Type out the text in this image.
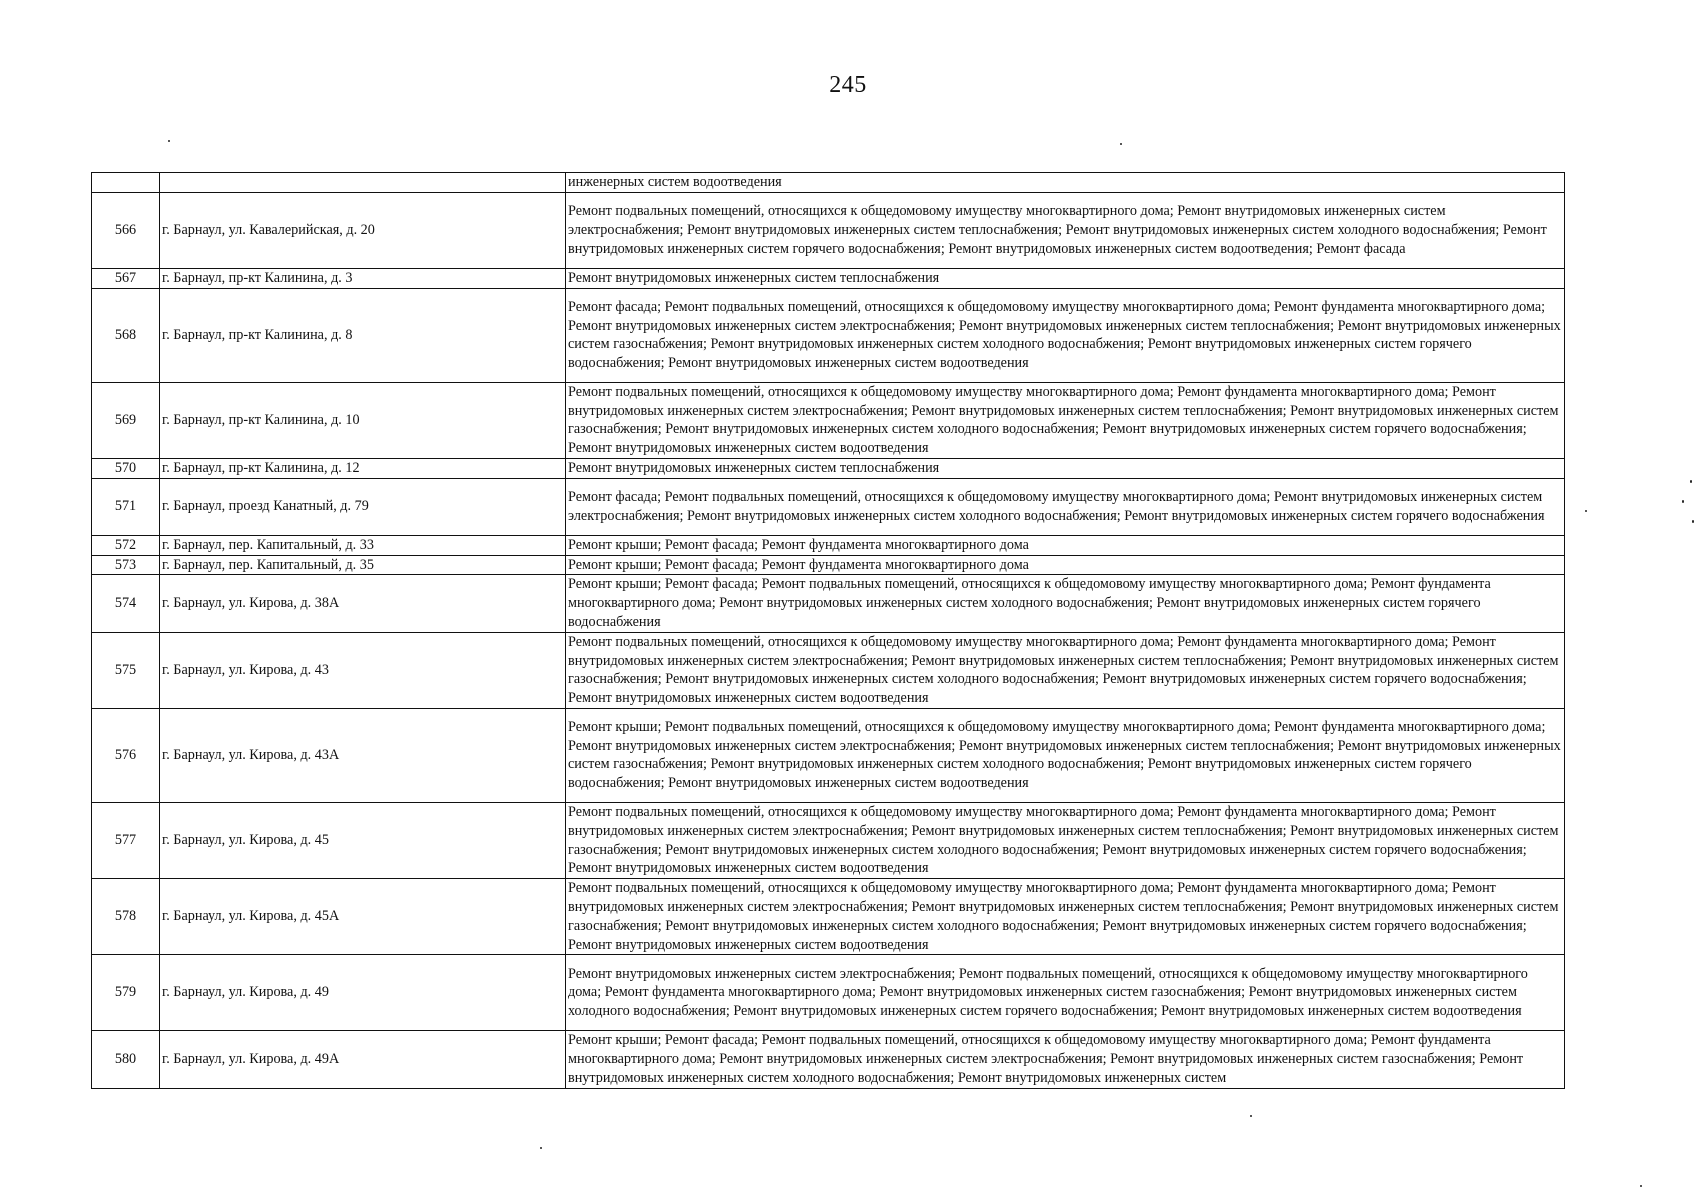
245

		инженерных систем водоотведения

566	г. Барнаул, ул. Кавалерийская, д. 20	Ремонт подвальных помещений, относящихся к общедомовому имуществу многоквартирного дома; Ремонт внутридомовых инженерных систем электроснабжения; Ремонт внутридомовых инженерных систем теплоснабжения; Ремонт внутридомовых инженерных систем холодного водоснабжения; Ремонт внутридомовых инженерных систем горячего водоснабжения; Ремонт внутридомовых инженерных систем водоотведения; Ремонт фасада

567	г. Барнаул, пр-кт Калинина, д. 3	Ремонт внутридомовых инженерных систем теплоснабжения

568	г. Барнаул, пр-кт Калинина, д. 8	Ремонт фасада; Ремонт подвальных помещений, относящихся к общедомовому имуществу многоквартирного дома; Ремонт фундамента многоквартирного дома; Ремонт внутридомовых инженерных систем электроснабжения; Ремонт внутридомовых инженерных систем теплоснабжения; Ремонт внутридомовых инженерных систем газоснабжения; Ремонт внутридомовых инженерных систем холодного водоснабжения; Ремонт внутридомовых инженерных систем горячего водоснабжения; Ремонт внутридомовых инженерных систем водоотведения

569	г. Барнаул, пр-кт Калинина, д. 10	Ремонт подвальных помещений, относящихся к общедомовому имуществу многоквартирного дома; Ремонт фундамента многоквартирного дома; Ремонт внутридомовых инженерных систем электроснабжения; Ремонт внутридомовых инженерных систем теплоснабжения; Ремонт внутридомовых инженерных систем газоснабжения; Ремонт внутридомовых инженерных систем холодного водоснабжения; Ремонт внутридомовых инженерных систем горячего водоснабжения; Ремонт внутридомовых инженерных систем водоотведения

570	г. Барнаул, пр-кт Калинина, д. 12	Ремонт внутридомовых инженерных систем теплоснабжения

571	г. Барнаул, проезд Канатный, д. 79	Ремонт фасада; Ремонт подвальных помещений, относящихся к общедомовому имуществу многоквартирного дома; Ремонт внутридомовых инженерных систем электроснабжения; Ремонт внутридомовых инженерных систем холодного водоснабжения; Ремонт внутридомовых инженерных систем горячего водоснабжения

572	г. Барнаул, пер. Капитальный, д. 33	Ремонт крыши; Ремонт фасада; Ремонт фундамента многоквартирного дома

573	г. Барнаул, пер. Капитальный, д. 35	Ремонт крыши; Ремонт фасада; Ремонт фундамента многоквартирного дома

574	г. Барнаул, ул. Кирова, д. 38А	Ремонт крыши; Ремонт фасада; Ремонт подвальных помещений, относящихся к общедомовому имуществу многоквартирного дома; Ремонт фундамента многоквартирного дома; Ремонт внутридомовых инженерных систем холодного водоснабжения; Ремонт внутридомовых инженерных систем горячего водоснабжения

575	г. Барнаул, ул. Кирова, д. 43	Ремонт подвальных помещений, относящихся к общедомовому имуществу многоквартирного дома; Ремонт фундамента многоквартирного дома; Ремонт внутридомовых инженерных систем электроснабжения; Ремонт внутридомовых инженерных систем теплоснабжения; Ремонт внутридомовых инженерных систем газоснабжения; Ремонт внутридомовых инженерных систем холодного водоснабжения; Ремонт внутридомовых инженерных систем горячего водоснабжения; Ремонт внутридомовых инженерных систем водоотведения

576	г. Барнаул, ул. Кирова, д. 43А	Ремонт крыши; Ремонт подвальных помещений, относящихся к общедомовому имуществу многоквартирного дома; Ремонт фундамента многоквартирного дома; Ремонт внутридомовых инженерных систем электроснабжения; Ремонт внутридомовых инженерных систем теплоснабжения; Ремонт внутридомовых инженерных систем газоснабжения; Ремонт внутридомовых инженерных систем холодного водоснабжения; Ремонт внутридомовых инженерных систем горячего водоснабжения; Ремонт внутридомовых инженерных систем водоотведения

577	г. Барнаул, ул. Кирова, д. 45	Ремонт подвальных помещений, относящихся к общедомовому имуществу многоквартирного дома; Ремонт фундамента многоквартирного дома; Ремонт внутридомовых инженерных систем электроснабжения; Ремонт внутридомовых инженерных систем теплоснабжения; Ремонт внутридомовых инженерных систем газоснабжения; Ремонт внутридомовых инженерных систем холодного водоснабжения; Ремонт внутридомовых инженерных систем горячего водоснабжения; Ремонт внутридомовых инженерных систем водоотведения

578	г. Барнаул, ул. Кирова, д. 45А	Ремонт подвальных помещений, относящихся к общедомовому имуществу многоквартирного дома; Ремонт фундамента многоквартирного дома; Ремонт внутридомовых инженерных систем электроснабжения; Ремонт внутридомовых инженерных систем теплоснабжения; Ремонт внутридомовых инженерных систем газоснабжения; Ремонт внутридомовых инженерных систем холодного водоснабжения; Ремонт внутридомовых инженерных систем горячего водоснабжения; Ремонт внутридомовых инженерных систем водоотведения

579	г. Барнаул, ул. Кирова, д. 49	Ремонт внутридомовых инженерных систем электроснабжения; Ремонт подвальных помещений, относящихся к общедомовому имуществу многоквартирного дома; Ремонт фундамента многоквартирного дома; Ремонт внутридомовых инженерных систем газоснабжения; Ремонт внутридомовых инженерных систем холодного водоснабжения; Ремонт внутридомовых инженерных систем горячего водоснабжения; Ремонт внутридомовых инженерных систем водоотведения

580	г. Барнаул, ул. Кирова, д. 49А	Ремонт крыши; Ремонт фасада; Ремонт подвальных помещений, относящихся к общедомовому имуществу многоквартирного дома; Ремонт фундамента многоквартирного дома; Ремонт внутридомовых инженерных систем электроснабжения; Ремонт внутридомовых инженерных систем газоснабжения; Ремонт внутридомовых инженерных систем холодного водоснабжения; Ремонт внутридомовых инженерных систем
